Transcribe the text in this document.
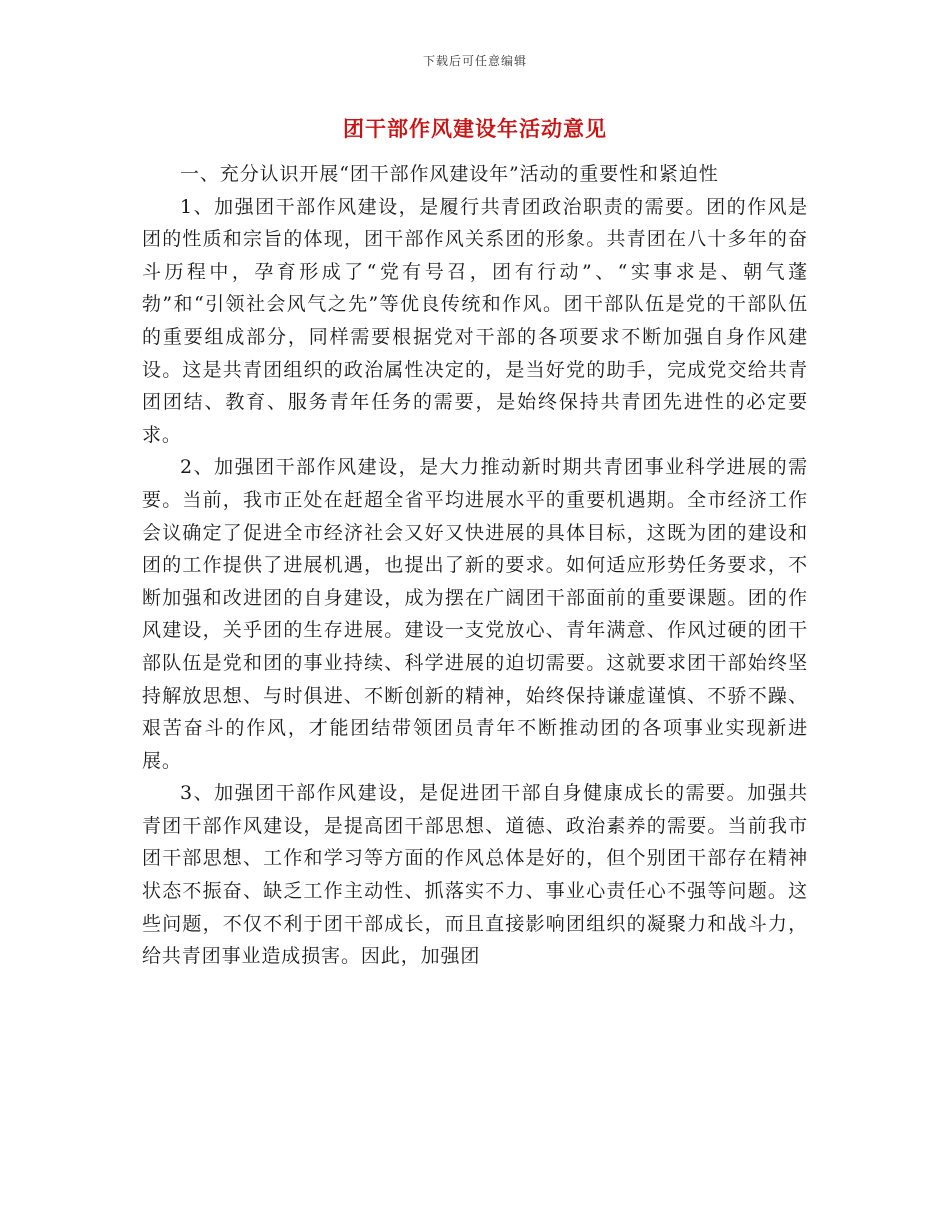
下载后可任意编辑
团干部作风建设年活动意见

一、充分认识开展“团干部作风建设年”活动的重要性和紧迫性

1、加强团干部作风建设，是履行共青团政治职责的需要。团的作风是团的性质和宗旨的体现，团干部作风关系团的形象。共青团在八十多年的奋斗历程中，孕育形成了“党有号召，团有行动”、“实事求是、朝气蓬勃”和“引领社会风气之先”等优良传统和作风。团干部队伍是党的干部队伍的重要组成部分，同样需要根据党对干部的各项要求不断加强自身作风建设。这是共青团组织的政治属性决定的，是当好党的助手，完成党交给共青团团结、教育、服务青年任务的需要，是始终保持共青团先进性的必定要求。

2、加强团干部作风建设，是大力推动新时期共青团事业科学进展的需要。当前，我市正处在赶超全省平均进展水平的重要机遇期。全市经济工作会议确定了促进全市经济社会又好又快进展的具体目标，这既为团的建设和团的工作提供了进展机遇，也提出了新的要求。如何适应形势任务要求，不断加强和改进团的自身建设，成为摆在广阔团干部面前的重要课题。团的作风建设，关乎团的生存进展。建设一支党放心、青年满意、作风过硬的团干部队伍是党和团的事业持续、科学进展的迫切需要。这就要求团干部始终坚持解放思想、与时俱进、不断创新的精神，始终保持谦虚谨慎、不骄不躁、艰苦奋斗的作风，才能团结带领团员青年不断推动团的各项事业实现新进展。

3、加强团干部作风建设，是促进团干部自身健康成长的需要。加强共青团干部作风建设，是提高团干部思想、道德、政治素养的需要。当前我市团干部思想、工作和学习等方面的作风总体是好的，但个别团干部存在精神状态不振奋、缺乏工作主动性、抓落实不力、事业心责任心不强等问题。这些问题，不仅不利于团干部成长，而且直接影响团组织的凝聚力和战斗力，给共青团事业造成损害。因此，加强团
